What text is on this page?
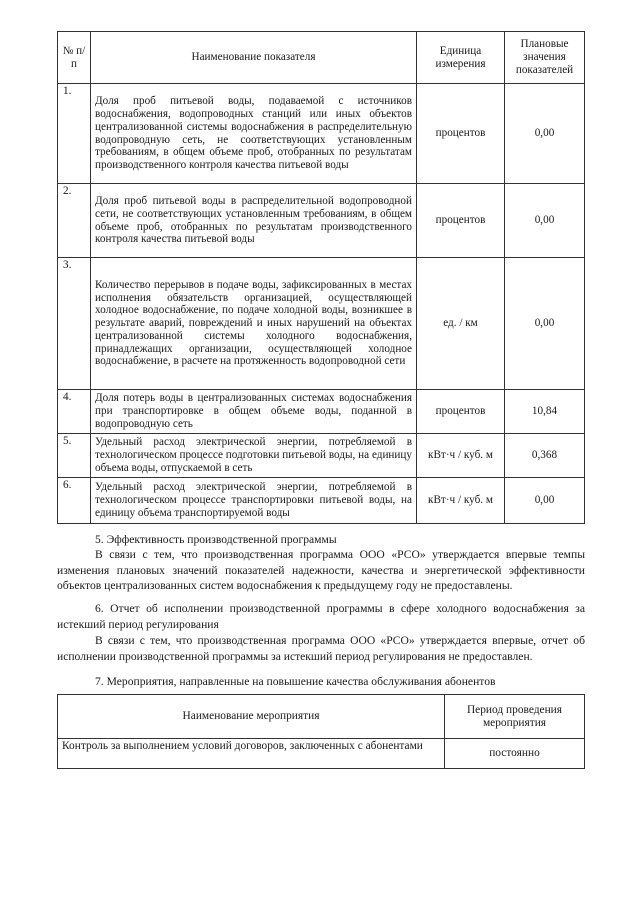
№ п/п	Наименование показателя	Единица измерения	Плановые значения показателей
1.	Доля проб питьевой воды, подаваемой с источников водоснабжения, водопроводных станций или иных объектов централизованной системы водоснабжения в распределительную водопроводную сеть, не соответствующих установленным требованиям, в общем объеме проб, отобранных по результатам производственного контроля качества питьевой воды	процентов	0,00
2.	Доля проб питьевой воды в распределительной водопроводной сети, не соответствующих установленным требованиям, в общем объеме проб, отобранных по результатам производственного контроля качества питьевой воды	процентов	0,00
3.	Количество перерывов в подаче воды, зафиксированных в местах исполнения обязательств организацией, осуществляющей холодное водоснабжение, по подаче холодной воды, возникшее в результате аварий, повреждений и иных нарушений на объектах централизованной системы холодного водоснабжения, принадлежащих организации, осуществляющей холодное водоснабжение, в расчете на протяженность водопроводной сети	ед. / км	0,00
4.	Доля потерь воды в централизованных системах водоснабжения при транспортировке в общем объеме воды, поданной в водопроводную сеть	процентов	10,84
5.	Удельный расход электрической энергии, потребляемой в технологическом процессе подготовки питьевой воды, на единицу объема воды, отпускаемой в сеть	кВт·ч / куб. м	0,368
6.	Удельный расход электрической энергии, потребляемой в технологическом процессе транспортировки питьевой воды, на единицу объема транспортируемой воды	кВт·ч / куб. м	0,00
5. Эффективность производственной программы
В связи с тем, что производственная программа ООО «РСО» утверждается впервые темпы изменения плановых значений показателей надежности, качества и энергетической эффективности объектов централизованных систем водоснабжения к предыдущему году не предоставлены.
6. Отчет об исполнении производственной программы в сфере холодного водоснабжения за истекший период регулирования
В связи с тем, что производственная программа ООО «РСО» утверждается впервые, отчет об исполнении производственной программы за истекший период регулирования не предоставлен.
7. Мероприятия, направленные на повышение качества обслуживания абонентов
Наименование мероприятия	Период проведения мероприятия
Контроль за выполнением условий договоров, заключенных с абонентами	постоянно
